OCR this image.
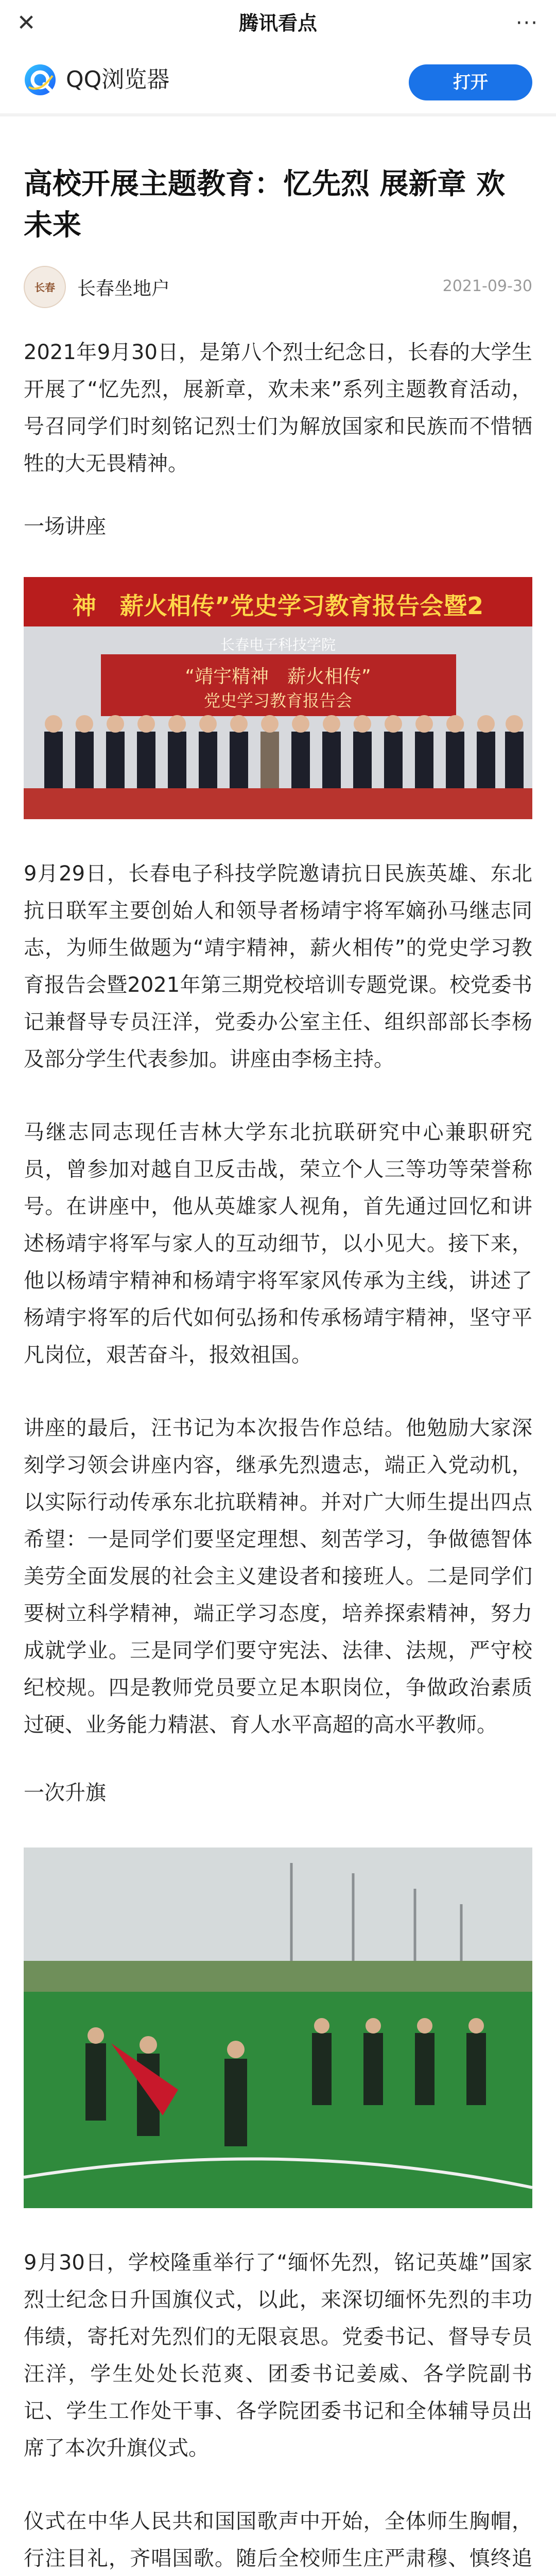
✕	腾讯看点	···
QQ浏览器	打开
高校开展主题教育：忆先烈 展新章 欢未来
长春	长春坐地户	2021-09-30
2021年9月30日，是第八个烈士纪念日，长春的大学生开展了“忆先烈，展新章，欢未来”系列主题教育活动，号召同学们时刻铭记烈士们为解放国家和民族而不惜牺牲的大无畏精神。
一场讲座
神　薪火相传”党史学习教育报告会暨2
长春电子科技学院
“靖宇精神　薪火相传”
党史学习教育报告会
9月29日，长春电子科技学院邀请抗日民族英雄、东北抗日联军主要创始人和领导者杨靖宇将军嫡孙马继志同志，为师生做题为“靖宇精神，薪火相传”的党史学习教育报告会暨2021年第三期党校培训专题党课。校党委书记兼督导专员汪洋，党委办公室主任、组织部部长李杨及部分学生代表参加。讲座由李杨主持。
马继志同志现任吉林大学东北抗联研究中心兼职研究员，曾参加对越自卫反击战，荣立个人三等功等荣誉称号。在讲座中，他从英雄家人视角，首先通过回忆和讲述杨靖宇将军与家人的互动细节，以小见大。接下来，他以杨靖宇精神和杨靖宇将军家风传承为主线，讲述了杨靖宇将军的后代如何弘扬和传承杨靖宇精神，坚守平凡岗位，艰苦奋斗，报效祖国。
讲座的最后，汪书记为本次报告作总结。他勉励大家深刻学习领会讲座内容，继承先烈遗志，端正入党动机，以实际行动传承东北抗联精神。并对广大师生提出四点希望：一是同学们要坚定理想、刻苦学习，争做德智体美劳全面发展的社会主义建设者和接班人。二是同学们要树立科学精神，端正学习态度，培养探索精神，努力成就学业。三是同学们要守宪法、法律、法规，严守校纪校规。四是教师党员要立足本职岗位，争做政治素质过硬、业务能力精湛、育人水平高超的高水平教师。
一次升旗
9月30日，学校隆重举行了“缅怀先烈，铭记英雄”国家烈士纪念日升国旗仪式，以此，来深切缅怀先烈的丰功伟绩，寄托对先烈们的无限哀思。党委书记、督导专员汪洋，学生处处长范爽、团委书记姜威、各学院副书记、学生工作处干事、各学院团委书记和全体辅导员出席了本次升旗仪式。
仪式在中华人民共和国国歌声中开始，全体师生胸帽，行注目礼，齐唱国歌。随后全校师生庄严肃穆、慎终追
